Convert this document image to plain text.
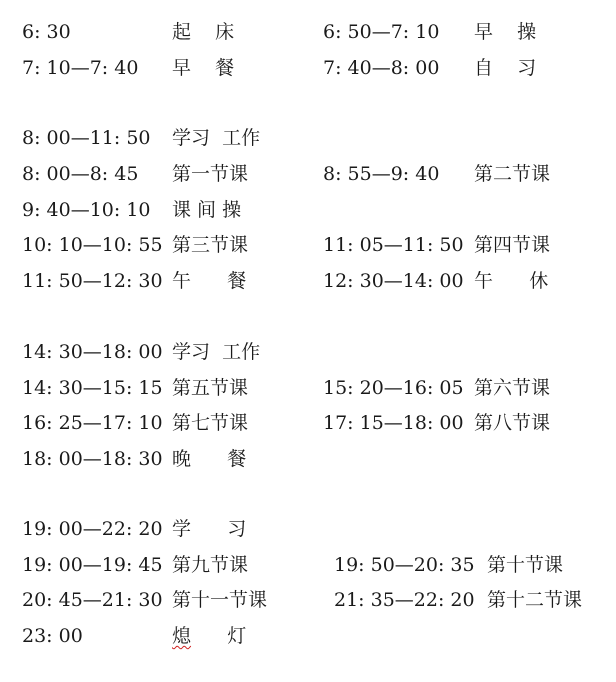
6: 30	起    床	6: 50—7: 10 早    操
7: 10—7: 40 早    餐	7: 40—8: 00 自    习
8: 00—11: 50 学习  工作
8: 00—8: 45 第一节课	8: 55—9: 40 第二节课
9: 40—10: 10 课 间 操
10: 10—10: 55 第三节课	11: 05—11: 50 第四节课
11: 50—12: 30 午      餐	12: 30—14: 00 午      休
14: 30—18: 00 学习  工作
14: 30—15: 15 第五节课	15: 20—16: 05 第六节课
16: 25—17: 10 第七节课	17: 15—18: 00 第八节课
18: 00—18: 30 晚      餐
19: 00—22: 20 学      习
19: 00—19: 45 第九节课	19: 50—20: 35 第十节课
20: 45—21: 30 第十一节课	21: 35—22: 20 第十二节课
23: 00	熄      灯
